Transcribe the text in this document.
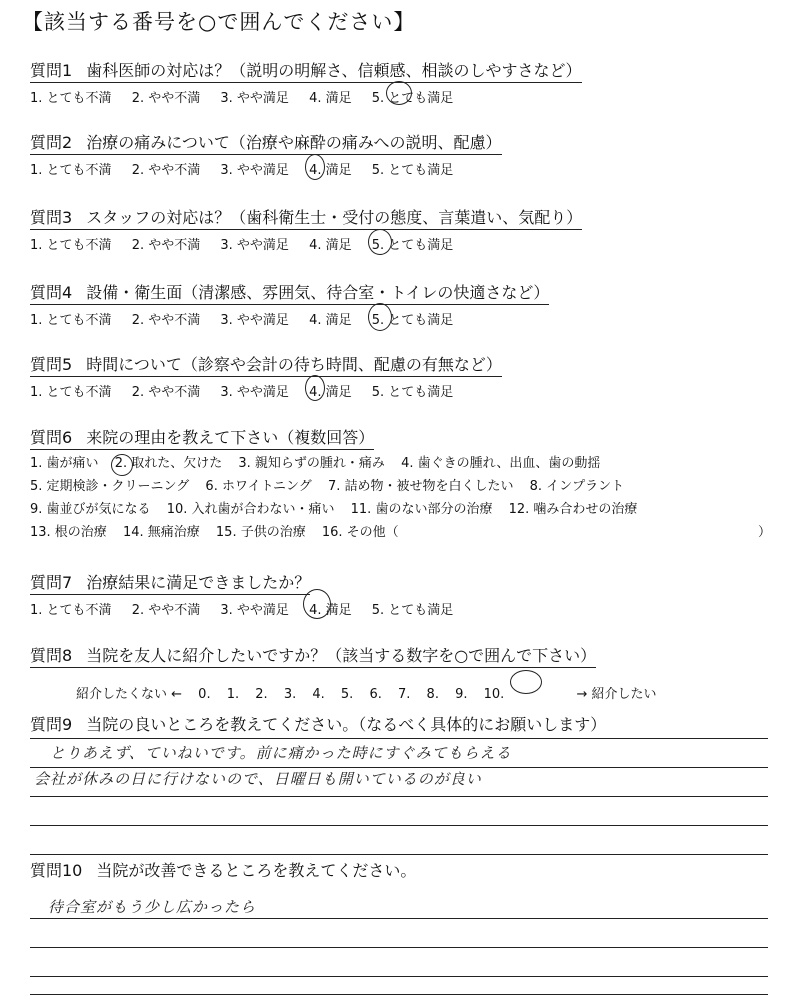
【該当する番号を○で囲んでください】
質問1 歯科医師の対応は？（説明の明解さ、信頼感、相談のしやすさなど）
1. とても不満 2. やや不満 3. やや満足 4. 満足 5. とても満足
質問2 治療の痛みについて（治療や麻酔の痛みへの説明、配慮）
1. とても不満 2. やや不満 3. やや満足 4. 満足 5. とても満足
質問3 スタッフの対応は？（歯科衛生士・受付の態度、言葉遣い、気配り）
1. とても不満 2. やや不満 3. やや満足 4. 満足 5. とても満足
質問4 設備・衛生面（清潔感、雰囲気、待合室・トイレの快適さなど）
1. とても不満 2. やや不満 3. やや満足 4. 満足 5. とても満足
質問5 時間について（診察や会計の待ち時間、配慮の有無など）
1. とても不満 2. やや不満 3. やや満足 4. 満足 5. とても満足
質問6 来院の理由を教えて下さい（複数回答）
1. 歯が痛い 2. 取れた、欠けた 3. 親知らずの腫れ・痛み 4. 歯ぐきの腫れ、出血、歯の動揺
5. 定期検診・クリーニング 6. ホワイトニング 7. 詰め物・被せ物を白くしたい 8. インプラント
9. 歯並びが気になる 10. 入れ歯が合わない・痛い 11. 歯のない部分の治療 12. 噛み合わせの治療
13. 根の治療 14. 無痛治療 15. 子供の治療 16. その他（	）
質問7 治療結果に満足できましたか？
1. とても不満 2. やや不満 3. やや満足 4. 満足 5. とても満足
質問8 当院を友人に紹介したいですか？（該当する数字を○で囲んで下さい）
紹介したくない ← 0. 1. 2. 3. 4. 5. 6. 7. 8. 9. 10.	→ 紹介したい
質問9 当院の良いところを教えてください。（なるべく具体的にお願いします）
とりあえず、ていねいです。前に痛かった時にすぐみてもらえる
会社が休みの日に行けないので、日曜日も開いているのが良い
質問10 当院が改善できるところを教えてください。
待合室がもう少し広かったら
